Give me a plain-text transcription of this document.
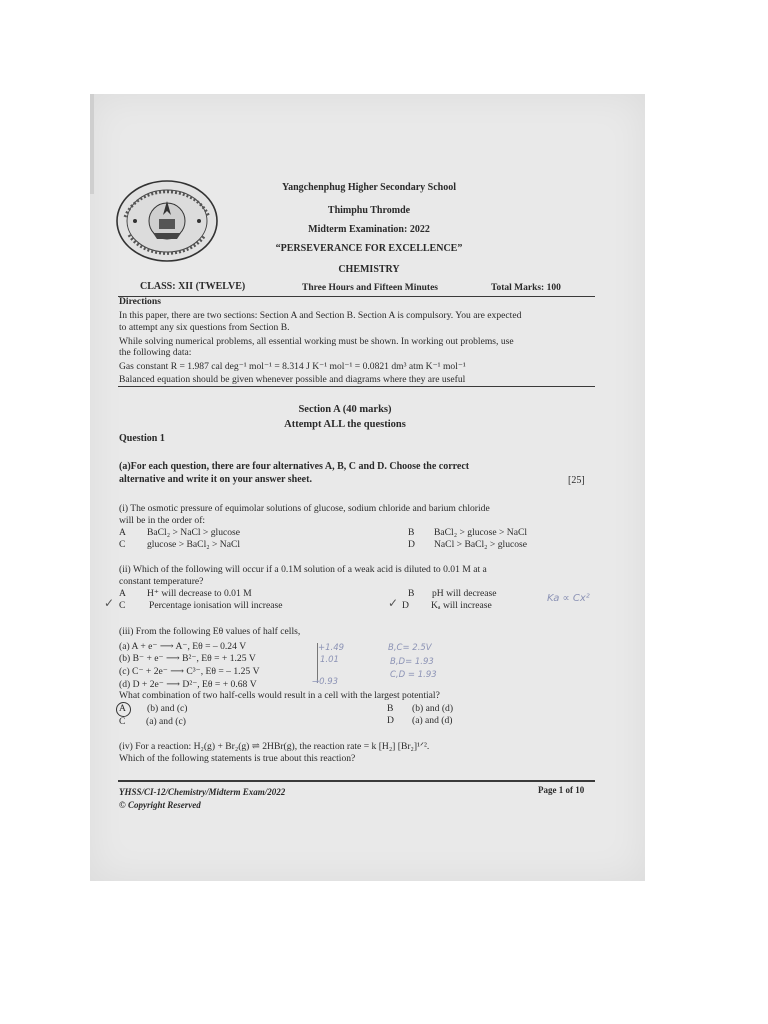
Yangchenphug Higher Secondary School
Thimphu Thromde
Midterm Examination: 2022
“PERSEVERANCE FOR EXCELLENCE”
CHEMISTRY
CLASS: XII (TWELVE)	Three Hours and Fifteen Minutes	Total Marks: 100
Directions
In this paper, there are two sections: Section A and Section B. Section A is compulsory. You are expected
to attempt any six questions from Section B.
While solving numerical problems, all essential working must be shown. In working out problems, use
the following data:
Gas constant R = 1.987 cal deg⁻¹ mol⁻¹ = 8.314 J K⁻¹ mol⁻¹ = 0.0821 dm³ atm K⁻¹ mol⁻¹
Balanced equation should be given whenever possible and diagrams where they are useful
Section A (40 marks)
Attempt ALL the questions
Question 1
(a)For each question, there are four alternatives A, B, C and D. Choose the correct
alternative and write it on your answer sheet.	[25]
(i) The osmotic pressure of equimolar solutions of glucose, sodium chloride and barium chloride
will be in the order of:
A BaCl₂ > NaCl > glucose	B BaCl₂ > glucose > NaCl
C glucose > BaCl₂ > NaCl	D NaCl > BaCl₂ > glucose
(ii) Which of the following will occur if a 0.1M solution of a weak acid is diluted to 0.01 M at a
constant temperature?
A H⁺ will decrease to 0.01 M	B pH will decrease
✓ C Percentage ionisation will increase	✓ D Kₐ will increase
Ka ∝ Cx²
(iii) From the following Eθ values of half cells,
(a) A + e⁻ ⟶ A⁻, Eθ = – 0.24 V
(b) B⁻ + e⁻ ⟶ B²⁻, Eθ = + 1.25 V
(c) C⁻ + 2e⁻ ⟶ C³⁻, Eθ = – 1.25 V
(d) D + 2e⁻ ⟶ D²⁻, Eθ = + 0.68 V
+1.49
1.01
→0.93
B,C= 2.5V
B,D= 1.93
C,D = 1.93
What combination of two half-cells would result in a cell with the largest potential?
A (b) and (c)	B (b) and (d)
C (a) and (c)	D (a) and (d)
(iv) For a reaction: H₂(g) + Br₂(g) ⇌ 2HBr(g), the reaction rate = k [H₂] [Br₂]¹ᐟ².
Which of the following statements is true about this reaction?
YHSS/CI-12/Chemistry/Midterm Exam/2022
© Copyright Reserved
Page 1 of 10
